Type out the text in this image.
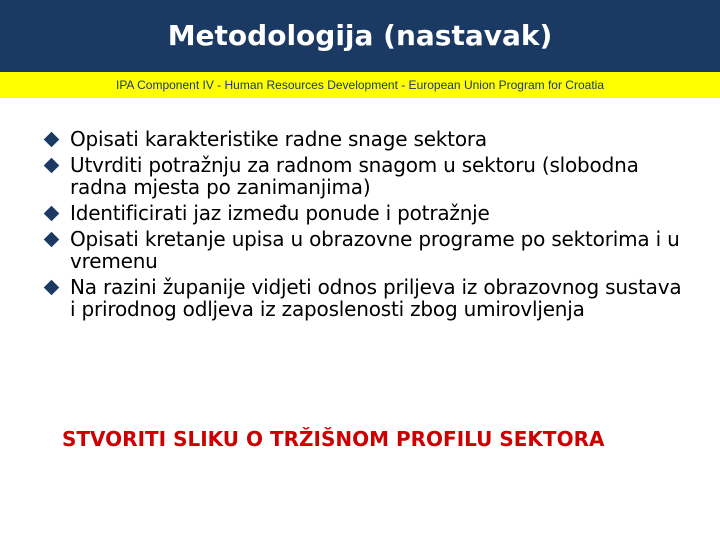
Metodologija (nastavak)
IPA Component IV - Human Resources Development - European Union Program for Croatia
Opisati karakteristike radne snage sektora
Utvrditi potražnju za radnom snagom u sektoru (slobodna radna mjesta po zanimanjima)
Identificirati jaz između ponude i potražnje
Opisati kretanje upisa u obrazovne programe po sektorima i u vremenu
Na razini županije vidjeti odnos priljeva iz obrazovnog sustava i prirodnog odljeva iz zaposlenosti zbog umirovljenja
STVORITI SLIKU O TRŽIŠNOM PROFILU SEKTORA
